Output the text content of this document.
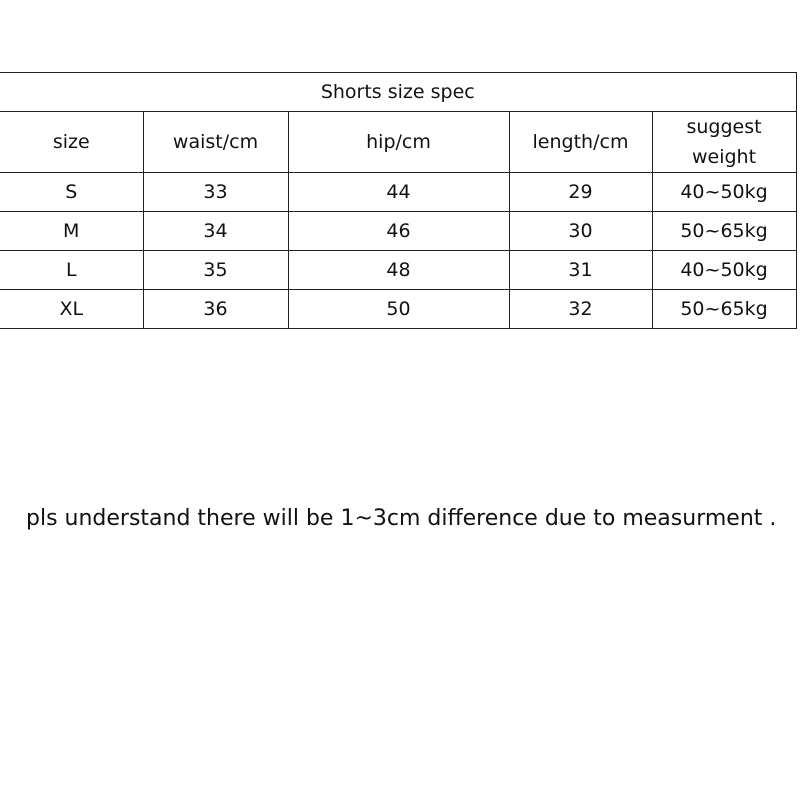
Shorts size spec				
size	waist/cm	hip/cm	length/cm	suggest weight
S	33	44	29	40~50kg
M	34	46	30	50~65kg
L	35	48	31	40~50kg
XL	36	50	32	50~65kg

pls understand there will be 1~3cm difference due to measurment .
